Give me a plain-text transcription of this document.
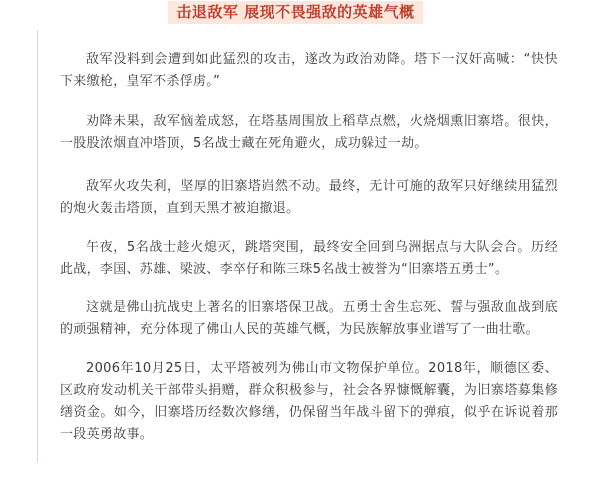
击退敌军 展现不畏强敌的英雄气概

敌军没料到会遭到如此猛烈的攻击，遂改为政治劝降。塔下一汉奸高喊：“快快下来缴枪，皇军不杀俘虏。”

劝降未果，敌军恼羞成怒，在塔基周围放上稻草点燃，火烧烟熏旧寨塔。很快，一股股浓烟直冲塔顶，5名战士藏在死角避火，成功躲过一劫。

敌军火攻失利，坚厚的旧寨塔岿然不动。最终，无计可施的敌军只好继续用猛烈的炮火轰击塔顶，直到天黑才被迫撤退。

午夜，5名战士趁火熄灭，跳塔突围，最终安全回到乌洲据点与大队会合。历经此战，李国、苏雄、梁波、李卒仔和陈三珠5名战士被誉为“旧寨塔五勇士”。

这就是佛山抗战史上著名的旧寨塔保卫战。五勇士舍生忘死、誓与强敌血战到底的顽强精神，充分体现了佛山人民的英雄气概，为民族解放事业谱写了一曲壮歌。

2006年10月25日，太平塔被列为佛山市文物保护单位。2018年，顺德区委、区政府发动机关干部带头捐赠，群众积极参与，社会各界慷慨解囊，为旧寨塔募集修缮资金。如今，旧寨塔历经数次修缮，仍保留当年战斗留下的弹痕，似乎在诉说着那一段英勇故事。
